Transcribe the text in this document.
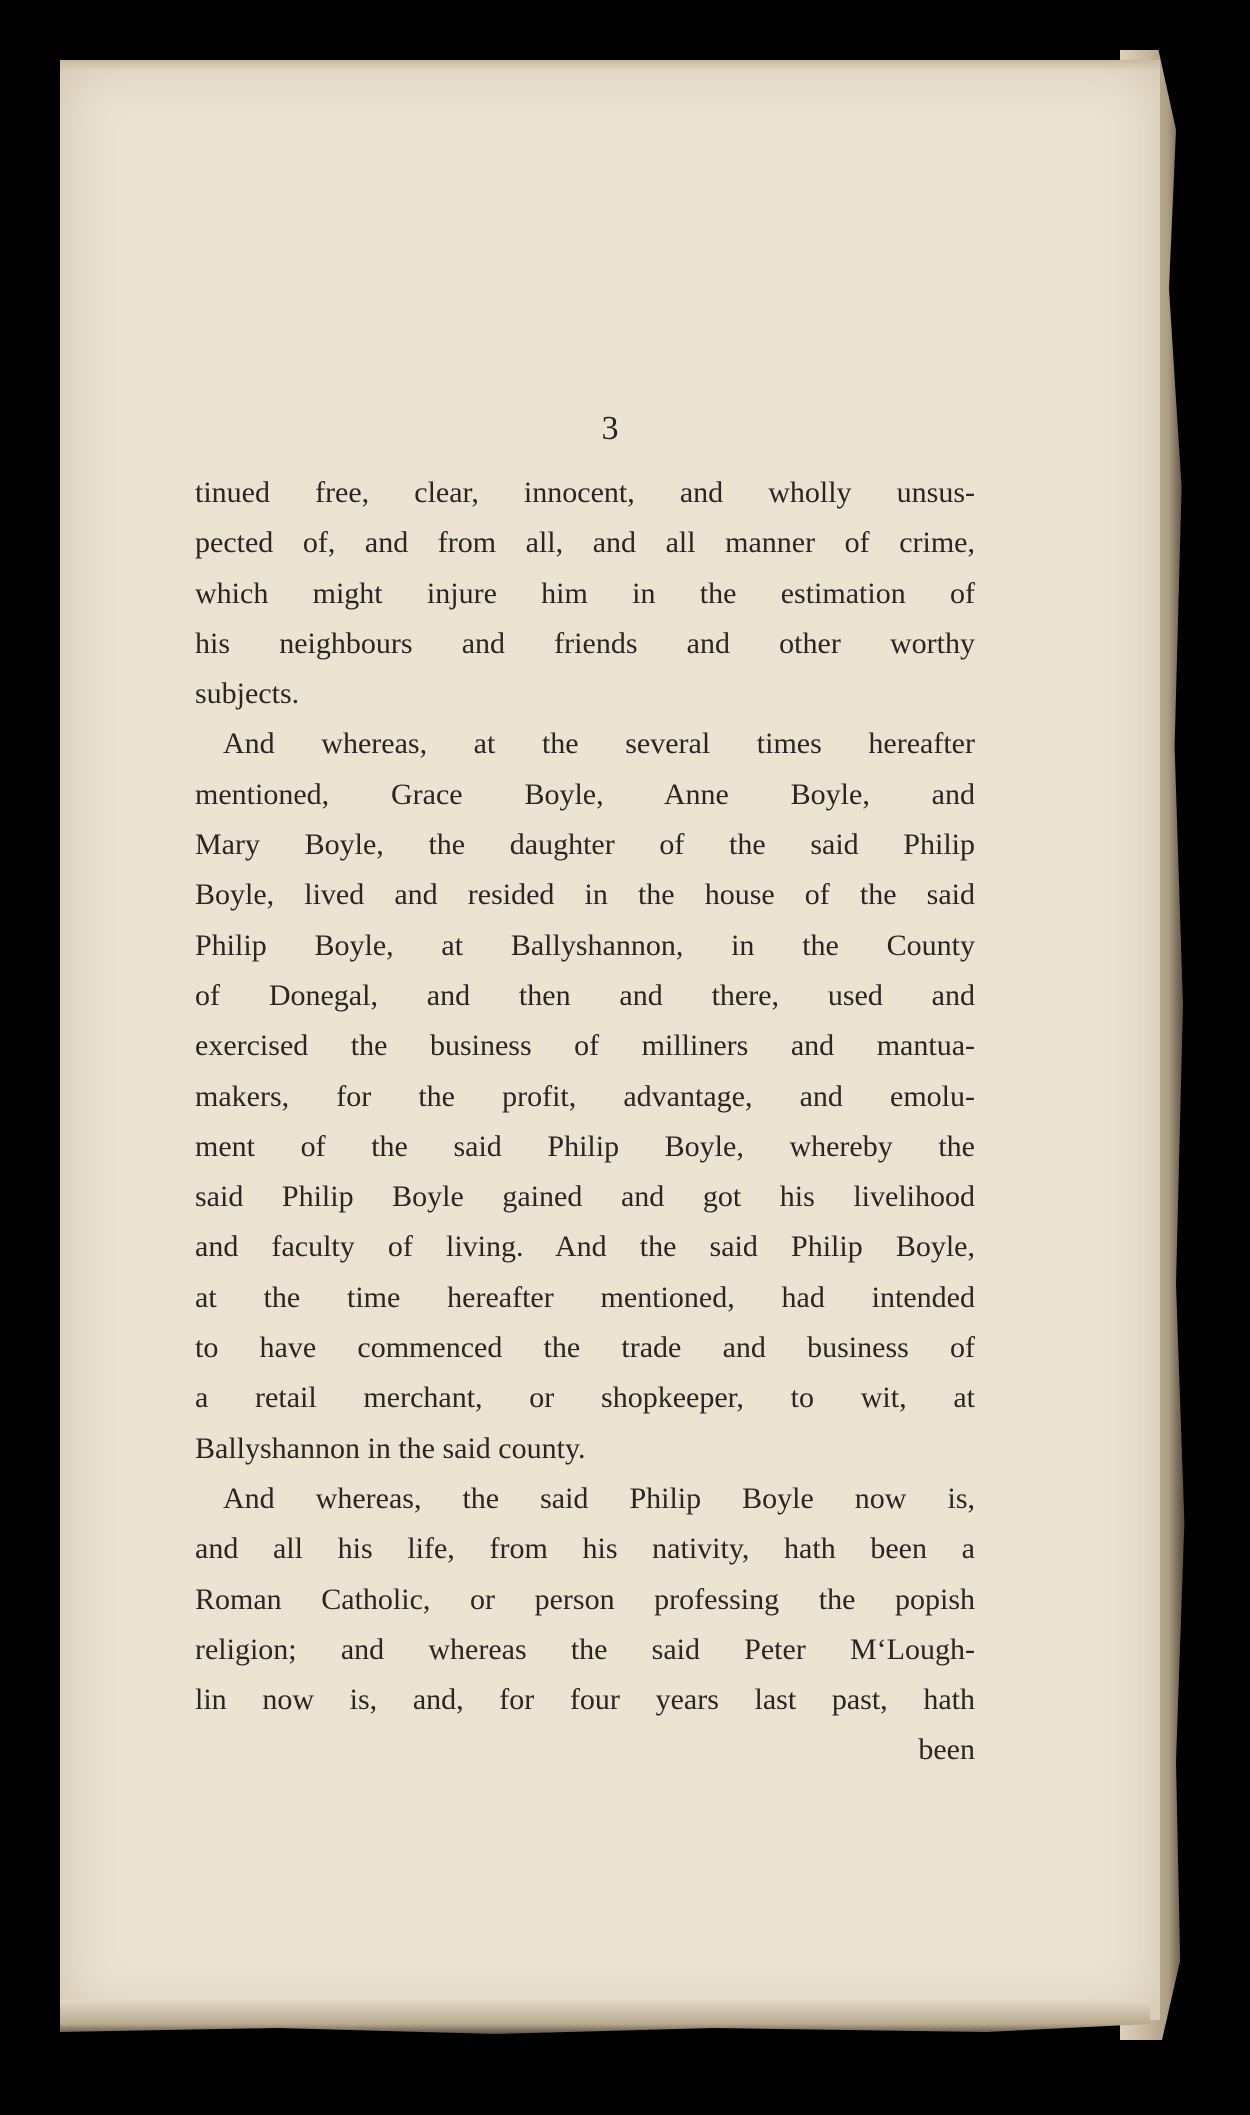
3
tinued free, clear, innocent, and wholly unsus-
pected of, and from all, and all manner of crime,
which might injure him in the estimation of
his neighbours and friends and other worthy
subjects.
And whereas, at the several times hereafter
mentioned, Grace Boyle, Anne Boyle, and
Mary Boyle, the daughter of the said Philip
Boyle, lived and resided in the house of the said
Philip Boyle, at Ballyshannon, in the County
of Donegal, and then and there, used and
exercised the business of milliners and mantua-
makers, for the profit, advantage, and emolu-
ment of the said Philip Boyle, whereby the
said Philip Boyle gained and got his livelihood
and faculty of living. And the said Philip Boyle,
at the time hereafter mentioned, had intended
to have commenced the trade and business of
a retail merchant, or shopkeeper, to wit, at
Ballyshannon in the said county.
And whereas, the said Philip Boyle now is,
and all his life, from his nativity, hath been a
Roman Catholic, or person professing the popish
religion; and whereas the said Peter M‘Lough-
lin now is, and, for four years last past, hath
been
